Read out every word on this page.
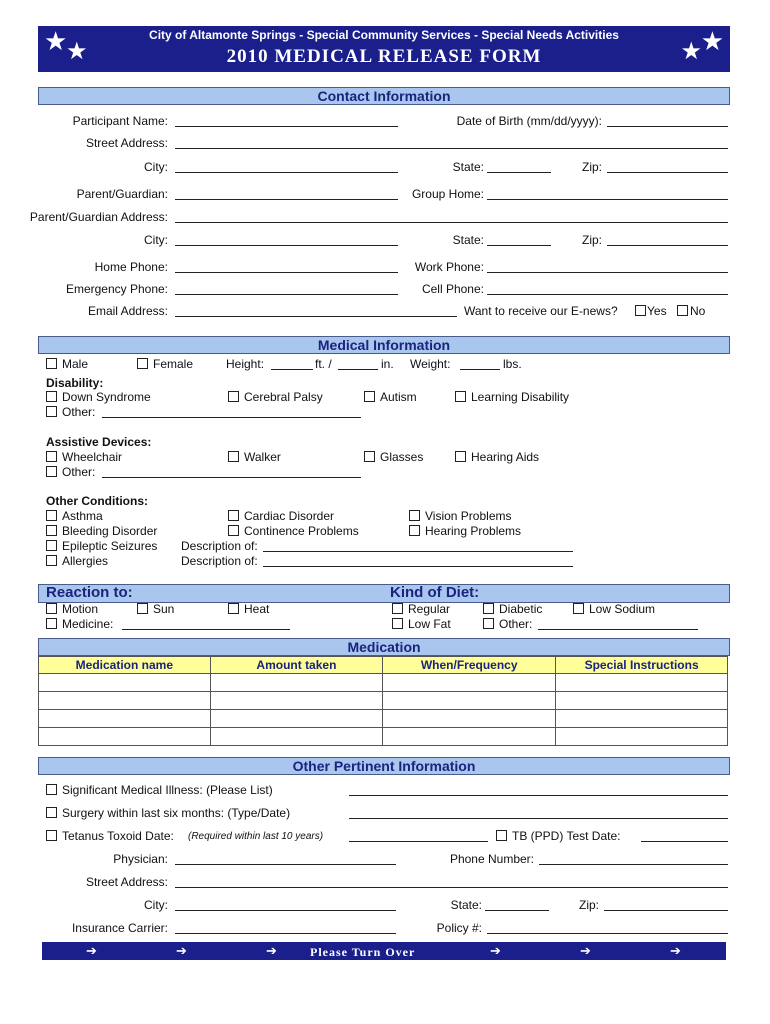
★
★	★
★
City of Altamonte Springs - Special Community Services - Special Needs Activities
2010 MEDICAL RELEASE FORM
Contact Information
Participant Name:	Date of Birth (mm/dd/yyyy):
Street Address:
City:	State:	Zip:
Parent/Guardian:	Group Home:
Parent/Guardian Address:
City:	State:	Zip:
Home Phone:	Work Phone:
Emergency Phone:	Cell Phone:
Email Address:	Want to receive our E-news? Yes No
Medical Information
Male	Female	Height:	ft. /	in. Weight:	lbs.
Disability:
Down Syndrome	Cerebral Palsy	Autism	Learning Disability
Other:
Assistive Devices:
Wheelchair	Walker	Glasses	Hearing Aids
Other:
Other Conditions:
Asthma	Cardiac Disorder	Vision Problems
Bleeding Disorder	Continence Problems	Hearing Problems
Epileptic Seizures Description of:
Allergies	Description of:
Reaction to:	Kind of Diet:
Motion	Sun	Heat	Regular	Diabetic	Low Sodium
Medicine:	Low Fat	Other:
Medication
Medication name	Amount taken	When/Frequency	Special Instructions

Other Pertinent Information
Significant Medical Illness: (Please List)
Surgery within last six months: (Type/Date)
Tetanus Toxoid Date: (Required within last 10 years)	TB (PPD) Test Date:
Physician:	Phone Number:
Street Address:
City:	State:	Zip:
Insurance Carrier:	Policy #:
➔	➔	➔	Please Turn Over	➔	➔	➔
